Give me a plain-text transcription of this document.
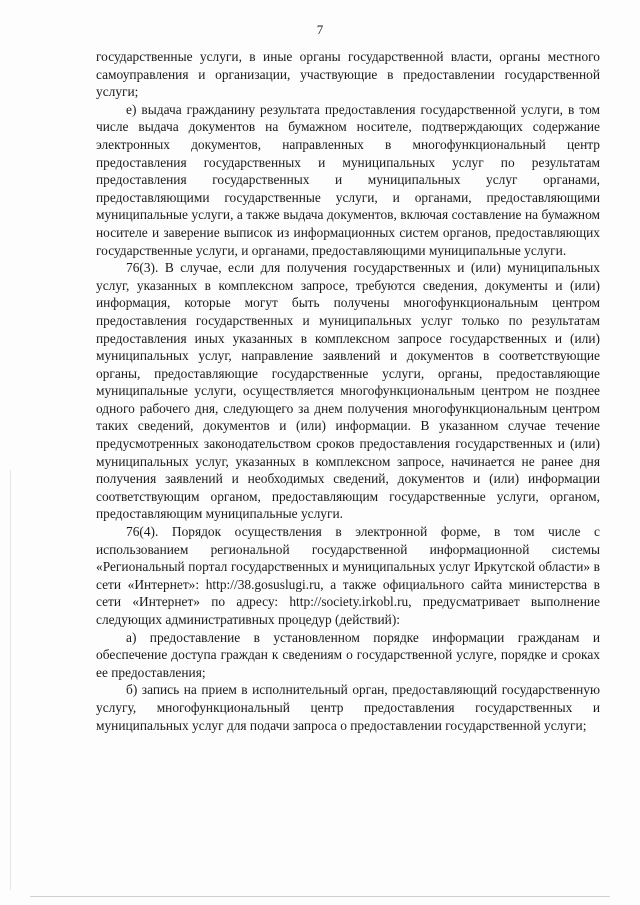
7

государственные услуги, в иные органы государственной власти, органы местного самоуправления и организации, участвующие в предоставлении государственной услуги;

е) выдача гражданину результата предоставления государственной услуги, в том числе выдача документов на бумажном носителе, подтверждающих содержание электронных документов, направленных в многофункциональный центр предоставления государственных и муниципальных услуг по результатам предоставления государственных и муниципальных услуг органами, предоставляющими государственные услуги, и органами, предоставляющими муниципальные услуги, а также выдача документов, включая составление на бумажном носителе и заверение выписок из информационных систем органов, предоставляющих государственные услуги, и органами, предоставляющими муниципальные услуги.

76(3). В случае, если для получения государственных и (или) муниципальных услуг, указанных в комплексном запросе, требуются сведения, документы и (или) информация, которые могут быть получены многофункциональным центром предоставления государственных и муниципальных услуг только по результатам предоставления иных указанных в комплексном запросе государственных и (или) муниципальных услуг, направление заявлений и документов в соответствующие органы, предоставляющие государственные услуги, органы, предоставляющие муниципальные услуги, осуществляется многофункциональным центром не позднее одного рабочего дня, следующего за днем получения многофункциональным центром таких сведений, документов и (или) информации. В указанном случае течение предусмотренных законодательством сроков предоставления государственных и (или) муниципальных услуг, указанных в комплексном запросе, начинается не ранее дня получения заявлений и необходимых сведений, документов и (или) информации соответствующим органом, предоставляющим государственные услуги, органом, предоставляющим муниципальные услуги.

76(4). Порядок осуществления в электронной форме, в том числе с использованием региональной государственной информационной системы «Региональный портал государственных и муниципальных услуг Иркутской области» в сети «Интернет»: http://38.gosuslugi.ru, а также официального сайта министерства в сети «Интернет» по адресу: http://society.irkobl.ru, предусматривает выполнение следующих административных процедур (действий):

а) предоставление в установленном порядке информации гражданам и обеспечение доступа граждан к сведениям о государственной услуге, порядке и сроках ее предоставления;

б) запись на прием в исполнительный орган, предоставляющий государственную услугу, многофункциональный центр предоставления государственных и муниципальных услуг для подачи запроса о предоставлении государственной услуги;
